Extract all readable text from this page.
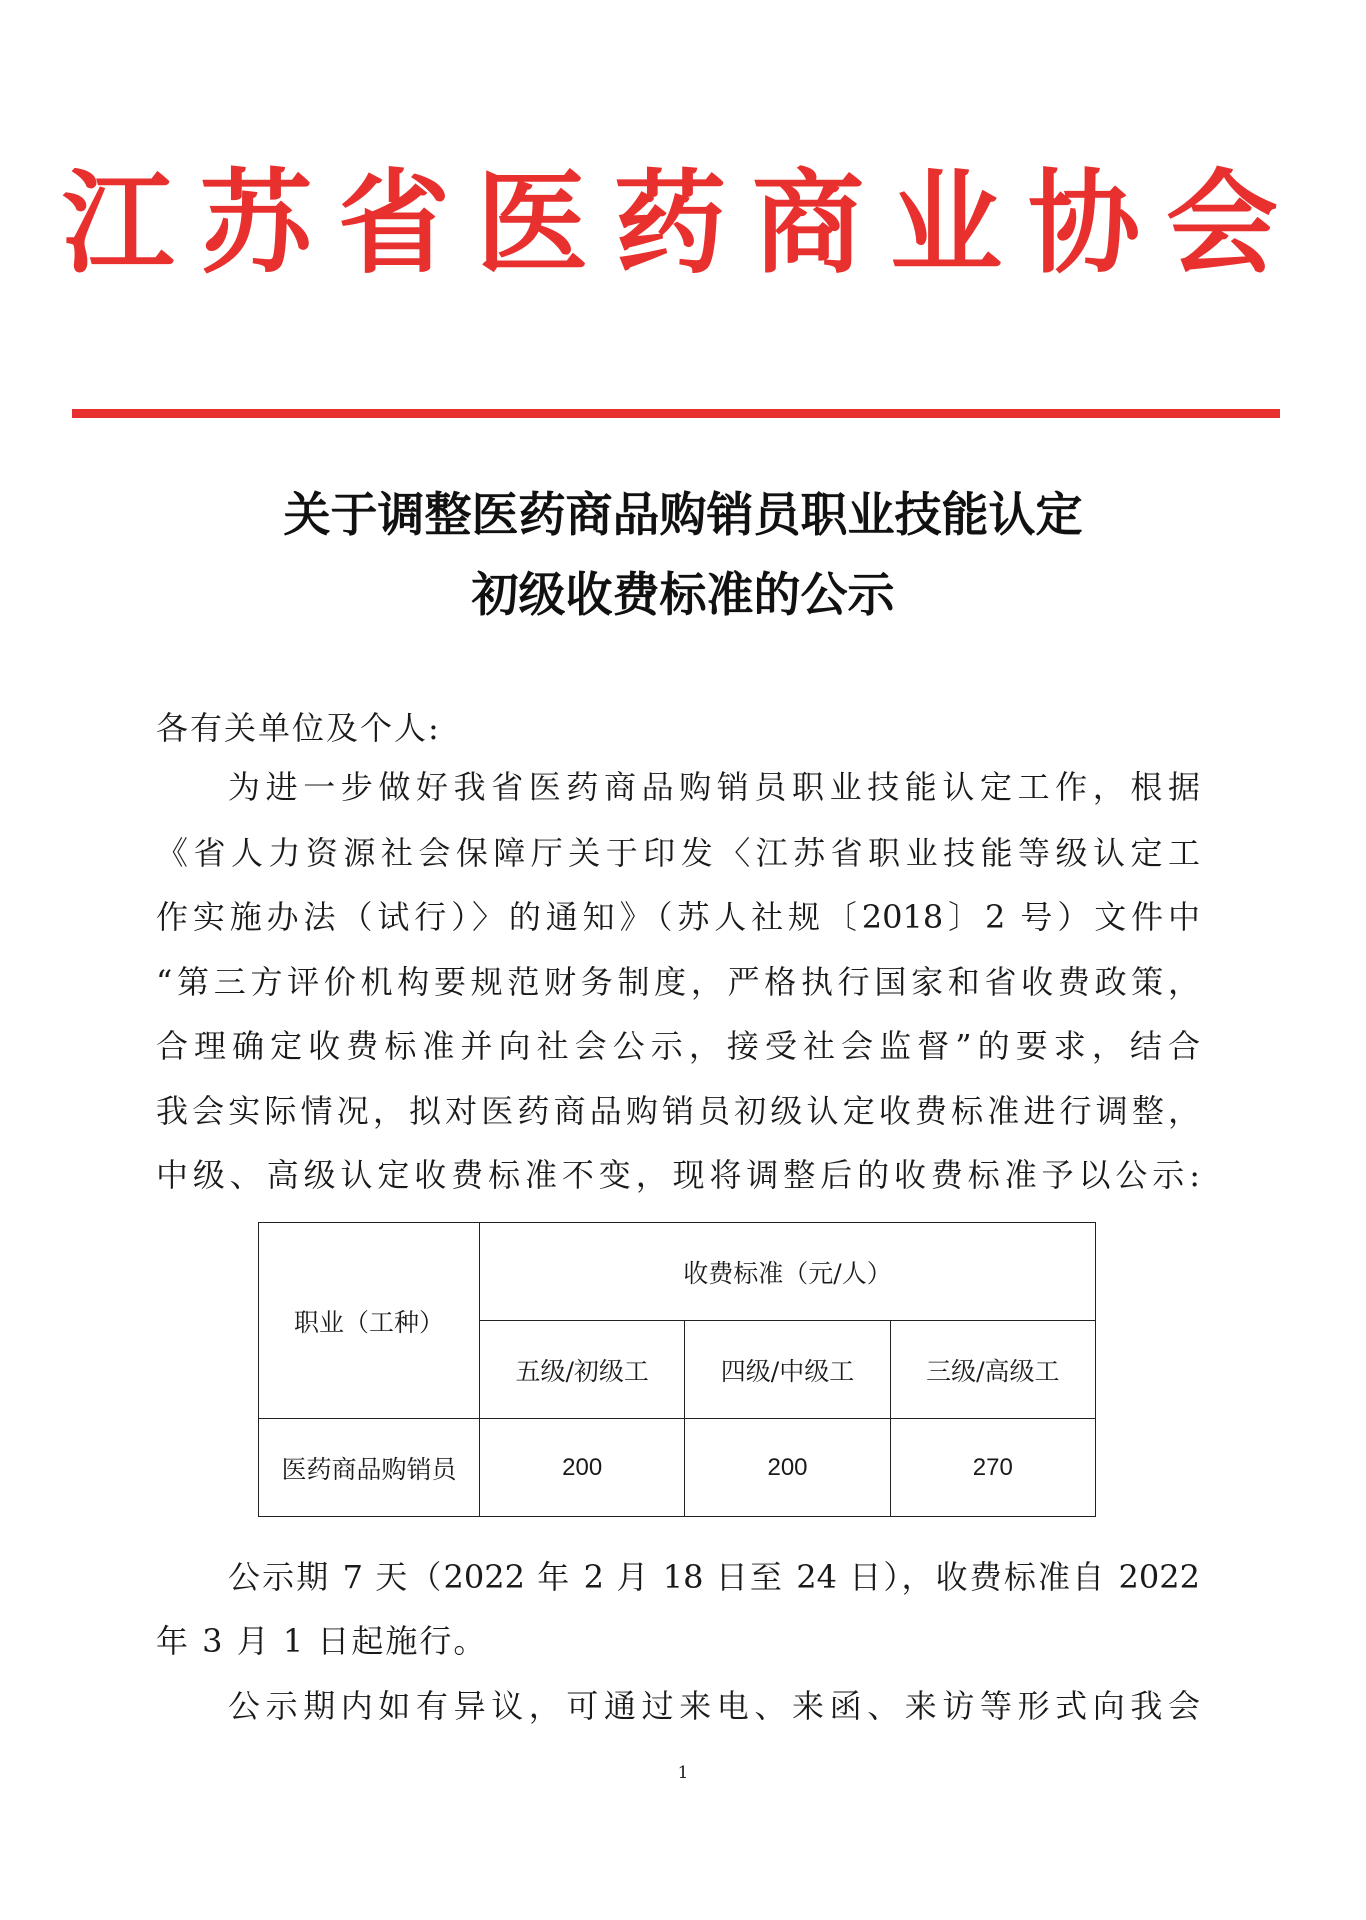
江苏省医药商业协会
关于调整医药商品购销员职业技能认定
初级收费标准的公示
各有关单位及个人:
为进一步做好我省医药商品购销员职业技能认定工作，根据
《省人力资源社会保障厅关于印发〈江苏省职业技能等级认定工
作实施办法（试行）〉的通知》（苏人社规〔2018〕2 号）文件中
“第三方评价机构要规范财务制度，严格执行国家和省收费政策，
合理确定收费标准并向社会公示，接受社会监督”的要求，结合
我会实际情况，拟对医药商品购销员初级认定收费标准进行调整，
中级、高级认定收费标准不变，现将调整后的收费标准予以公示:
职业（工种）	收费标准（元/人）		
	五级/初级工	四级/中级工	三级/高级工
医药商品购销员	200	200	270
公示期 7 天（2022 年 2 月 18 日至 24 日），收费标准自 2022
年 3 月 1 日起施行。
公示期内如有异议，可通过来电、来函、来访等形式向我会
1
